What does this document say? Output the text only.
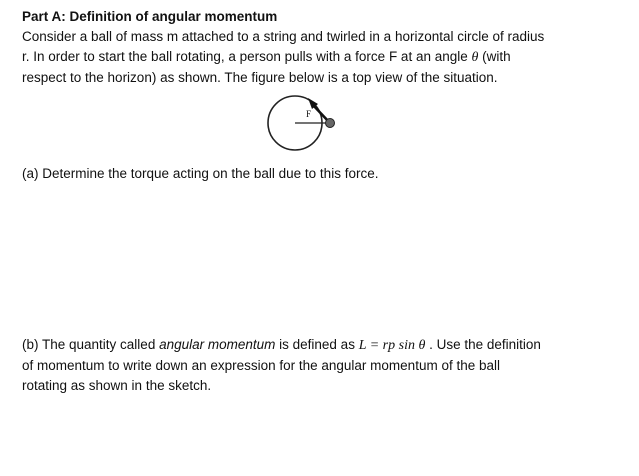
Part A: Definition of angular momentum
Consider a ball of mass m attached to a string and twirled in a horizontal circle of radius
r. In order to start the ball rotating, a person pulls with a force F at an angle θ (with
respect to the horizon) as shown. The figure below is a top view of the situation.
F
(a) Determine the torque acting on the ball due to this force.
(b) The quantity called angular momentum is defined as L = rp sin θ . Use the definition
of momentum to write down an expression for the angular momentum of the ball
rotating as shown in the sketch.
